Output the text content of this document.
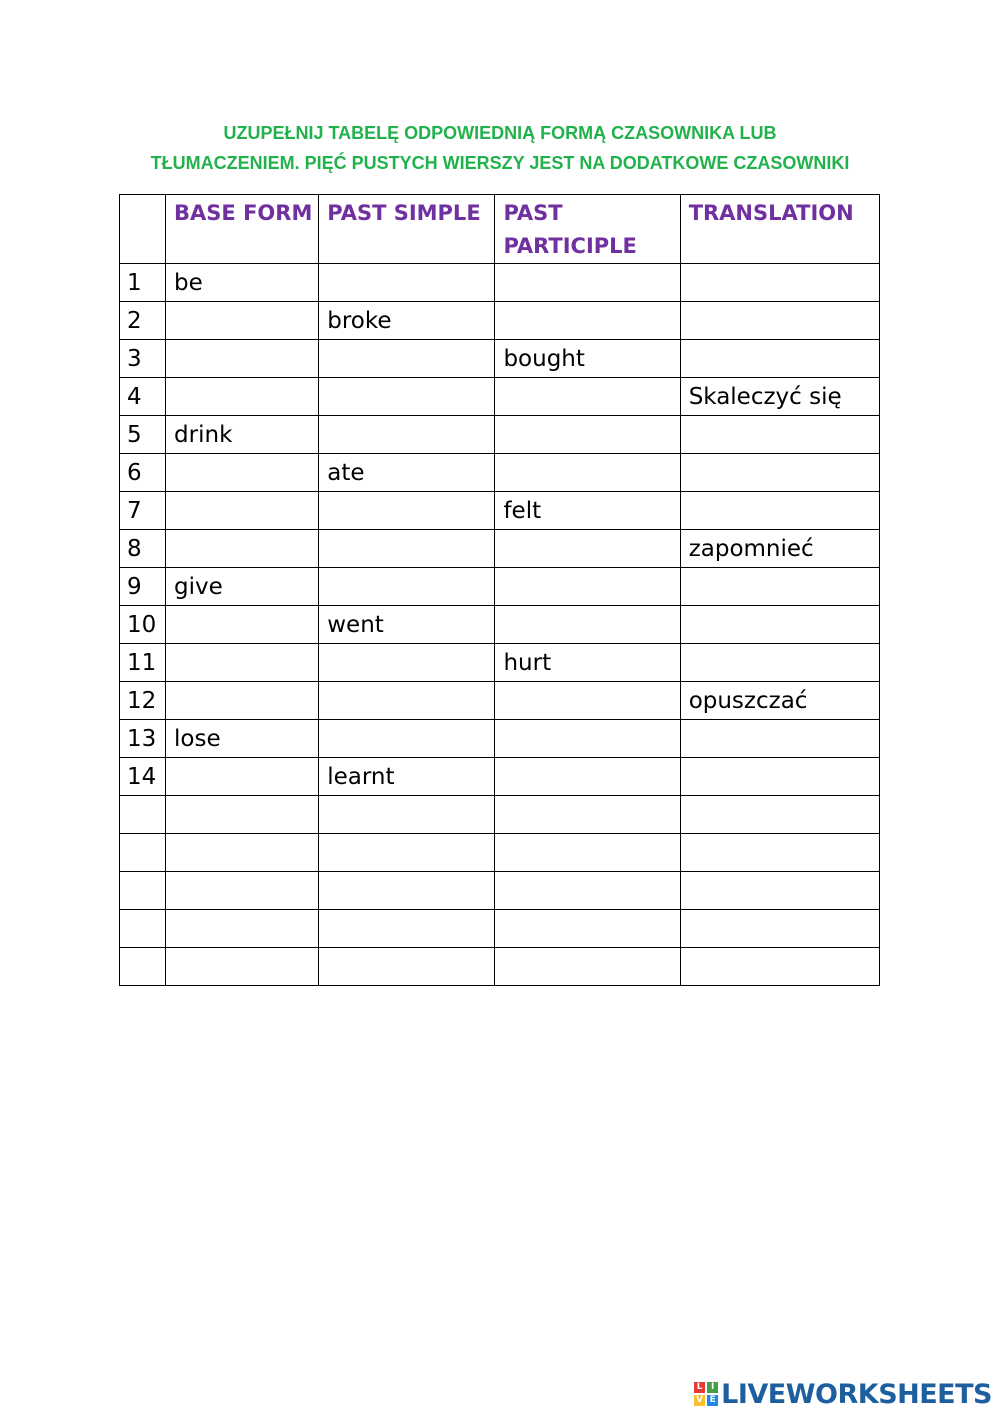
UZUPEŁNIJ TABELĘ ODPOWIEDNIĄ FORMĄ CZASOWNIKA LUB
TŁUMACZENIEM. PIĘĆ PUSTYCH WIERSZY JEST NA DODATKOWE CZASOWNIKI
	BASE FORM	PAST SIMPLE	PAST PARTICIPLE	TRANSLATION
1	be			
2		broke		
3			bought	
4				Skaleczyć się
5	drink			
6		ate		
7			felt	
8				zapomnieć
9	give			
10		went		
11			hurt	
12				opuszczać
13	lose			
14		learnt		

L I
V E LIVEWORKSHEETS
